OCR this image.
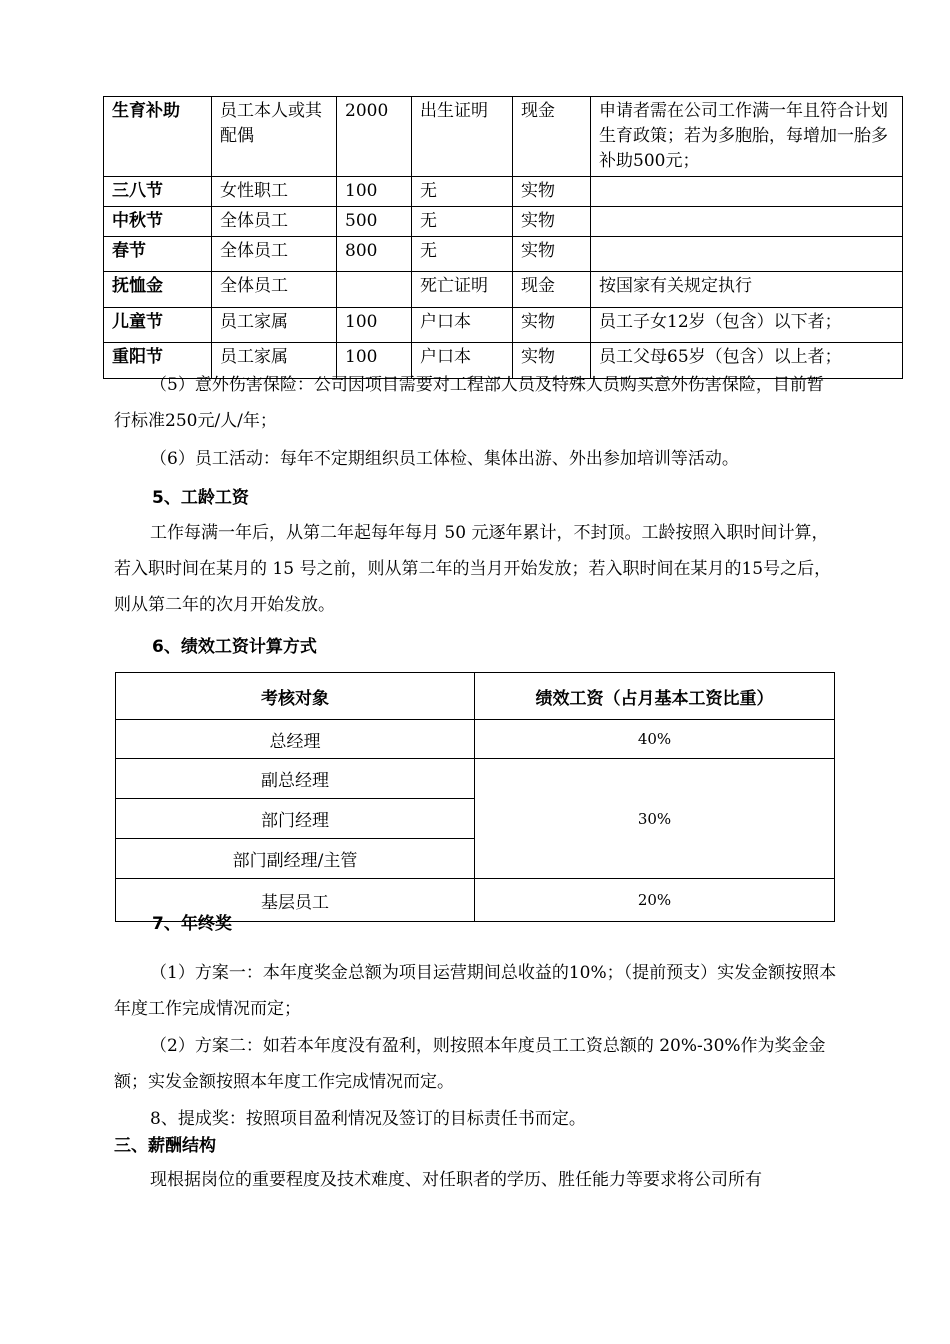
生育补助	员工本人或其配偶	2000	出生证明	现金	申请者需在公司工作满一年且符合计划生育政策；若为多胞胎，每增加一胎多补助500元；
三八节	女性职工	100	无	实物	
中秋节	全体员工	500	无	实物	
春节	全体员工	800	无	实物	
抚恤金	全体员工		死亡证明	现金	按国家有关规定执行
儿童节	员工家属	100	户口本	实物	员工子女12岁（包含）以下者；
重阳节	员工家属	100	户口本	实物	员工父母65岁（包含）以上者；

（5）意外伤害保险：公司因项目需要对工程部人员及特殊人员购买意外伤害保险，目前暂行标准250元/人/年；

（6）员工活动：每年不定期组织员工体检、集体出游、外出参加培训等活动。

5、工龄工资

工作每满一年后，从第二年起每年每月 50 元逐年累计，不封顶。工龄按照入职时间计算，若入职时间在某月的 15 号之前，则从第二年的当月开始发放；若入职时间在某月的15号之后，则从第二年的次月开始发放。

6、绩效工资计算方式
考核对象	绩效工资（占月基本工资比重）
总经理	40%
副总经理	30%
部门经理	
部门副经理/主管	
基层员工	20%
7、年终奖

（1）方案一：本年度奖金总额为项目运营期间总收益的10%；（提前预支）实发金额按照本年度工作完成情况而定；

（2）方案二：如若本年度没有盈利，则按照本年度员工工资总额的 20%-30%作为奖金金额；实发金额按照本年度工作完成情况而定。

8、提成奖：按照项目盈利情况及签订的目标责任书而定。

三、薪酬结构

现根据岗位的重要程度及技术难度、对任职者的学历、胜任能力等要求将公司所有
